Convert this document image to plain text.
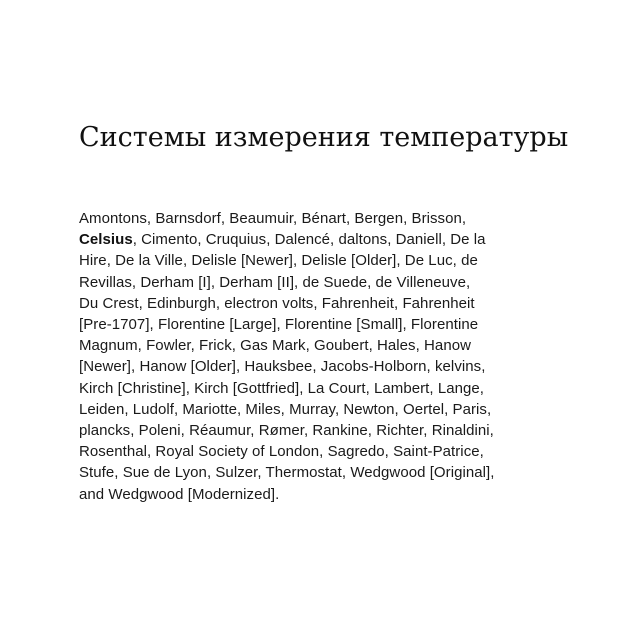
Системы измерения температуры

Amontons, Barnsdorf, Beaumuir, Bénart, Bergen, Brisson,
Celsius, Cimento, Cruquius, Dalencé, daltons, Daniell, De la
Hire, De la Ville, Delisle [Newer], Delisle [Older], De Luc, de
Revillas, Derham [I], Derham [II], de Suede, de Villeneuve,
Du Crest, Edinburgh, electron volts, Fahrenheit, Fahrenheit
[Pre-1707], Florentine [Large], Florentine [Small], Florentine
Magnum, Fowler, Frick, Gas Mark, Goubert, Hales, Hanow
[Newer], Hanow [Older], Hauksbee, Jacobs-Holborn, kelvins,
Kirch [Christine], Kirch [Gottfried], La Court, Lambert, Lange,
Leiden, Ludolf, Mariotte, Miles, Murray, Newton, Oertel, Paris,
plancks, Poleni, Réaumur, Rømer, Rankine, Richter, Rinaldini,
Rosenthal, Royal Society of London, Sagredo, Saint-Patrice,
Stufe, Sue de Lyon, Sulzer, Thermostat, Wedgwood [Original],
and Wedgwood [Modernized].
